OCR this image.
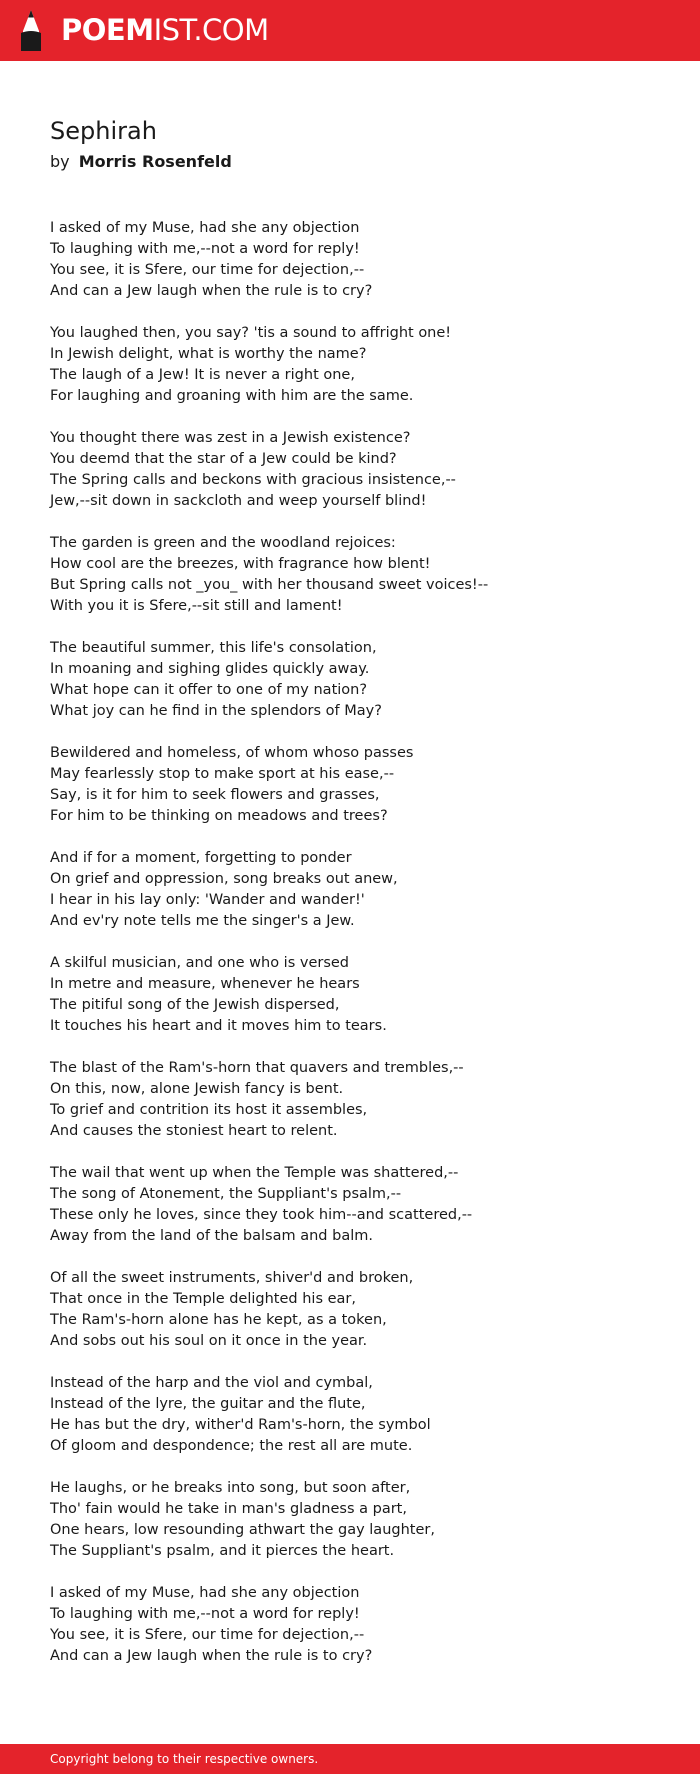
POEMIST.COM
Sephirah
by Morris Rosenfeld
I asked of my Muse, had she any objection
To laughing with me,--not a word for reply!
You see, it is Sfere, our time for dejection,--
And can a Jew laugh when the rule is to cry?
You laughed then, you say? 'tis a sound to affright one!
In Jewish delight, what is worthy the name?
The laugh of a Jew! It is never a right one,
For laughing and groaning with him are the same.
You thought there was zest in a Jewish existence?
You deemd that the star of a Jew could be kind?
The Spring calls and beckons with gracious insistence,--
Jew,--sit down in sackcloth and weep yourself blind!
The garden is green and the woodland rejoices:
How cool are the breezes, with fragrance how blent!
But Spring calls not _you_ with her thousand sweet voices!--
With you it is Sfere,--sit still and lament!
The beautiful summer, this life's consolation,
In moaning and sighing glides quickly away.
What hope can it offer to one of my nation?
What joy can he find in the splendors of May?
Bewildered and homeless, of whom whoso passes
May fearlessly stop to make sport at his ease,--
Say, is it for him to seek flowers and grasses,
For him to be thinking on meadows and trees?
And if for a moment, forgetting to ponder
On grief and oppression, song breaks out anew,
I hear in his lay only: 'Wander and wander!'
And ev'ry note tells me the singer's a Jew.
A skilful musician, and one who is versed
In metre and measure, whenever he hears
The pitiful song of the Jewish dispersed,
It touches his heart and it moves him to tears.
The blast of the Ram's-horn that quavers and trembles,--
On this, now, alone Jewish fancy is bent.
To grief and contrition its host it assembles,
And causes the stoniest heart to relent.
The wail that went up when the Temple was shattered,--
The song of Atonement, the Suppliant's psalm,--
These only he loves, since they took him--and scattered,--
Away from the land of the balsam and balm.
Of all the sweet instruments, shiver'd and broken,
That once in the Temple delighted his ear,
The Ram's-horn alone has he kept, as a token,
And sobs out his soul on it once in the year.
Instead of the harp and the viol and cymbal,
Instead of the lyre, the guitar and the flute,
He has but the dry, wither'd Ram's-horn, the symbol
Of gloom and despondence; the rest all are mute.
He laughs, or he breaks into song, but soon after,
Tho' fain would he take in man's gladness a part,
One hears, low resounding athwart the gay laughter,
The Suppliant's psalm, and it pierces the heart.
I asked of my Muse, had she any objection
To laughing with me,--not a word for reply!
You see, it is Sfere, our time for dejection,--
And can a Jew laugh when the rule is to cry?
Copyright belong to their respective owners.
